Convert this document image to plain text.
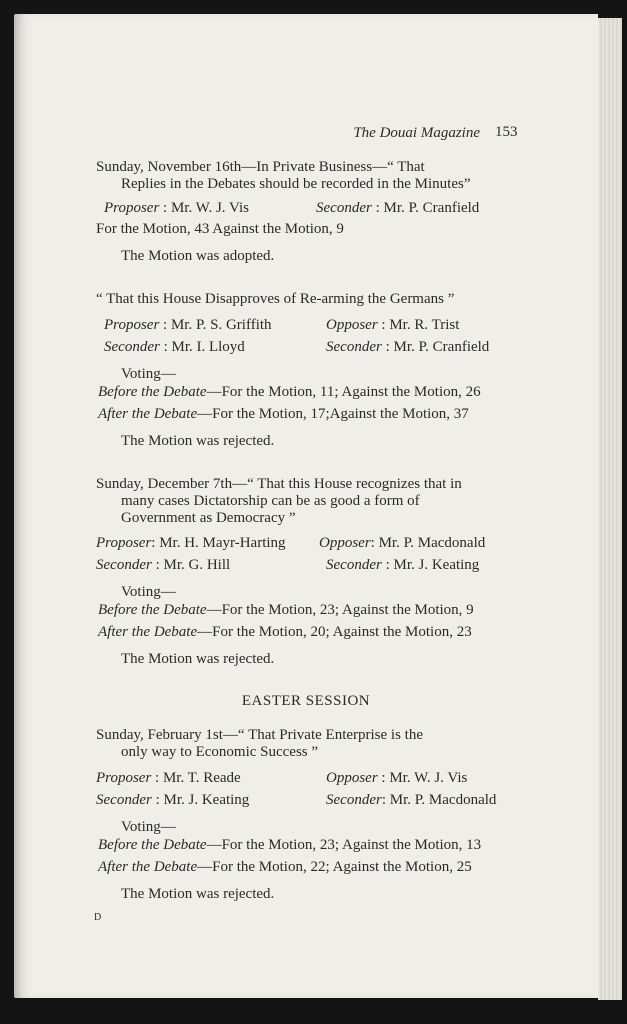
The Douai Magazine 153
Sunday, November 16th—In Private Business—“ That
Replies in the Debates should be recorded in the Minutes”
Proposer : Mr. W. J. Vis	Seconder : Mr. P. Cranfield
For the Motion, 43 Against the Motion, 9
The Motion was adopted.
“ That this House Disapproves of Re-arming the Germans ”
Proposer : Mr. P. S. Griffith	Opposer : Mr. R. Trist
Seconder : Mr. I. Lloyd	Seconder : Mr. P. Cranfield
Voting—
Before the Debate—For the Motion, 11; Against the Motion, 26
After the Debate—For the Motion, 17;Against the Motion, 37
The Motion was rejected.
Sunday, December 7th—“ That this House recognizes that in
many cases Dictatorship can be as good a form of
Government as Democracy ”
Proposer: Mr. H. Mayr-Harting Opposer: Mr. P. Macdonald
Seconder : Mr. G. Hill	Seconder : Mr. J. Keating
Voting—
Before the Debate—For the Motion, 23; Against the Motion, 9
After the Debate—For the Motion, 20; Against the Motion, 23
The Motion was rejected.
EASTER SESSION
Sunday, February 1st—“ That Private Enterprise is the
only way to Economic Success ”
Proposer : Mr. T. Reade	Opposer : Mr. W. J. Vis
Seconder : Mr. J. Keating	Seconder: Mr. P. Macdonald
Voting—
Before the Debate—For the Motion, 23; Against the Motion, 13
After the Debate—For the Motion, 22; Against the Motion, 25
The Motion was rejected.
D
